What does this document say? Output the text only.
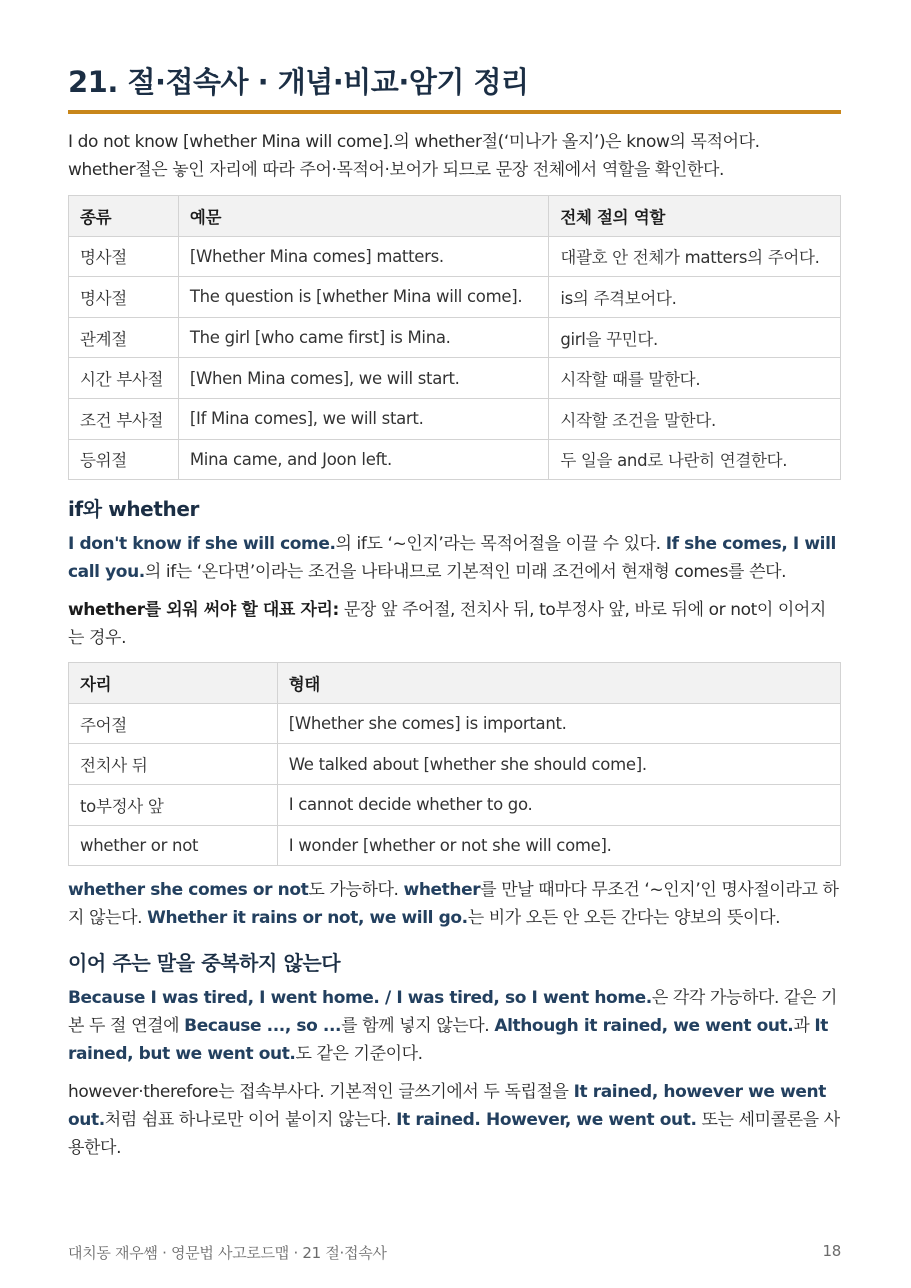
21. 절·접속사 · 개념·비교·암기 정리

I do not know [whether Mina will come].의 whether절(‘미나가 올지’)은 know의 목적어다.
whether절은 놓인 자리에 따라 주어·목적어·보어가 되므로 문장 전체에서 역할을 확인한다.

종류	예문	전체 절의 역할
명사절	[Whether Mina comes] matters.	대괄호 안 전체가 matters의 주어다.
명사절	The question is [whether Mina will come].	is의 주격보어다.
관계절	The girl [who came first] is Mina.	girl을 꾸민다.
시간 부사절	[When Mina comes], we will start.	시작할 때를 말한다.
조건 부사절	[If Mina comes], we will start.	시작할 조건을 말한다.
등위절	Mina came, and Joon left.	두 일을 and로 나란히 연결한다.
if와 whether

I don't know if she will come.의 if도 ‘~인지’라는 목적어절을 이끌 수 있다. If she comes, I will call you.의 if는 ‘온다면’이라는 조건을 나타내므로 기본적인 미래 조건에서 현재형 comes를 쓴다.

whether를 외워 써야 할 대표 자리: 문장 앞 주어절, 전치사 뒤, to부정사 앞, 바로 뒤에 or not이 이어지는 경우.

자리	형태
주어절	[Whether she comes] is important.
전치사 뒤	We talked about [whether she should come].
to부정사 앞	I cannot decide whether to go.
whether or not	I wonder [whether or not she will come].

whether she comes or not도 가능하다. whether를 만날 때마다 무조건 ‘~인지’인 명사절이라고 하지 않는다. Whether it rains or not, we will go.는 비가 오든 안 오든 간다는 양보의 뜻이다.

이어 주는 말을 중복하지 않는다

Because I was tired, I went home. / I was tired, so I went home.은 각각 가능하다. 같은 기본 두 절 연결에 Because ..., so ...를 함께 넣지 않는다. Although it rained, we went out.과 It rained, but we went out.도 같은 기준이다.

however·therefore는 접속부사다. 기본적인 글쓰기에서 두 독립절을 It rained, however we went out.처럼 쉼표 하나로만 이어 붙이지 않는다. It rained. However, we went out. 또는 세미콜론을 사용한다.

대치동 재우쌤 · 영문법 사고로드맵 · 21 절·접속사	18
